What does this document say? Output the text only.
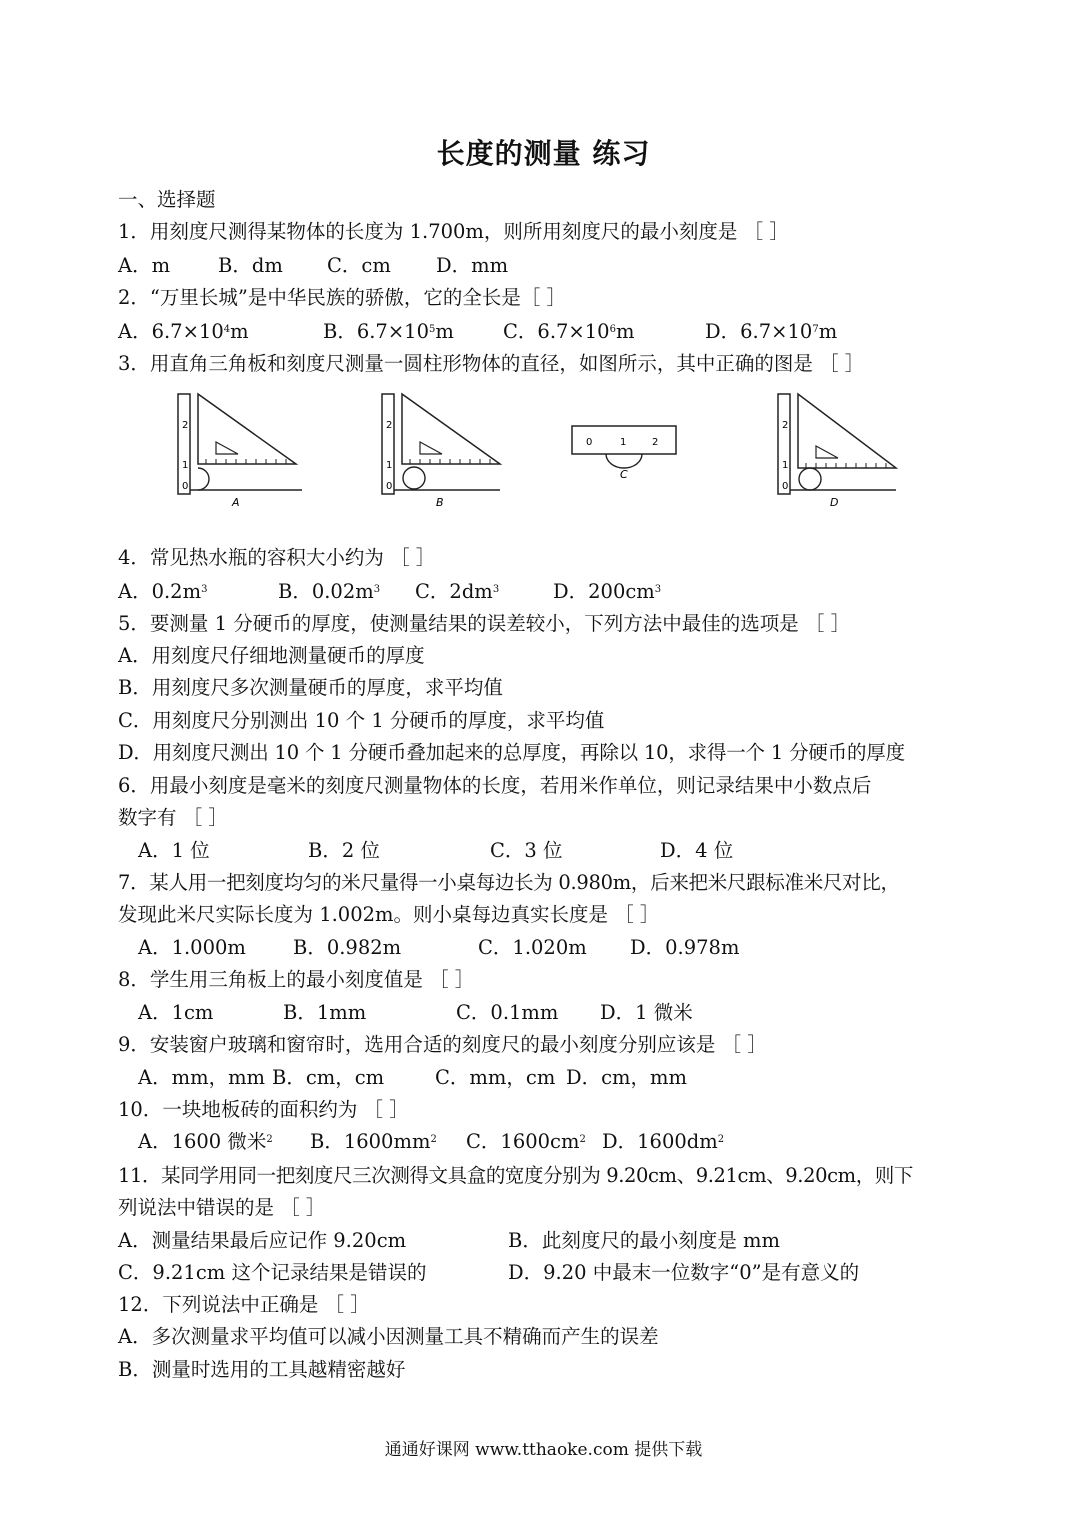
长度的测量 练习
一、选择题
1．用刻度尺测得某物体的长度为 1.700m，则所用刻度尺的最小刻度是 ［ ］
A．m B．dm C．cm D．mm
2．“万里长城”是中华民族的骄傲，它的全长是［ ］
A．$6.7\times 10^4m$	B．$6.7\times 10^5m$	C．$6.7\times 10^6m$	D．$6.7\times 10^7m$
3．用直角三角板和刻度尺测量一圆柱形物体的直径，如图所示，其中正确的图是 ［ ］
2
1
0
A
2
1
0
B
0	1	2
C
2
1
0
D
4．常见热水瓶的容积大小约为 ［ ］
A．$0.2m^3$	B．$0.02m^3$ C．$2dm^3$	D．$200cm^3$
5．要测量 1 分硬币的厚度，使测量结果的误差较小，下列方法中最佳的选项是 ［ ］
A．用刻度尺仔细地测量硬币的厚度
B．用刻度尺多次测量硬币的厚度，求平均值
C．用刻度尺分别测出 10 个 1 分硬币的厚度，求平均值
D．用刻度尺测出 10 个 1 分硬币叠加起来的总厚度，再除以 10，求得一个 1 分硬币的厚度
6．用最小刻度是毫米的刻度尺测量物体的长度，若用米作单位，则记录结果中小数点后
数字有 ［ ］
A．1 位	B．2 位	C．3 位	D．4 位
7．某人用一把刻度均匀的米尺量得一小桌每边长为 0.980m，后来把米尺跟标准米尺对比，
发现此米尺实际长度为 1.002m。则小桌每边真实长度是 ［ ］
A．1.000m B．0.982m	C．1.020m D．0.978m
8．学生用三角板上的最小刻度值是 ［ ］
A．1cm	B．1mm	C．0.1mm D．1 微米
9．安装窗户玻璃和窗帘时，选用合适的刻度尺的最小刻度分别应该是 ［ ］
A．mm，mm B．cm，cm	C．mm，cm D．cm，mm
10．一块地板砖的面积约为 ［ ］
A．1600 微米$^2$ B．$1600mm^2$ C．$1600cm^2$ D．$1600dm^2$
11．某同学用同一把刻度尺三次测得文具盒的宽度分别为 9.20cm、9.21cm、9.20cm，则下
列说法中错误的是 ［ ］
A．测量结果最后应记作 9.20cm	B．此刻度尺的最小刻度是 mm
C．9.21cm 这个记录结果是错误的	D．9.20 中最末一位数字“0”是有意义的
12．下列说法中正确是 ［ ］
A．多次测量求平均值可以减小因测量工具不精确而产生的误差
B．测量时选用的工具越精密越好
通通好课网 www.tthaoke.com 提供下载
